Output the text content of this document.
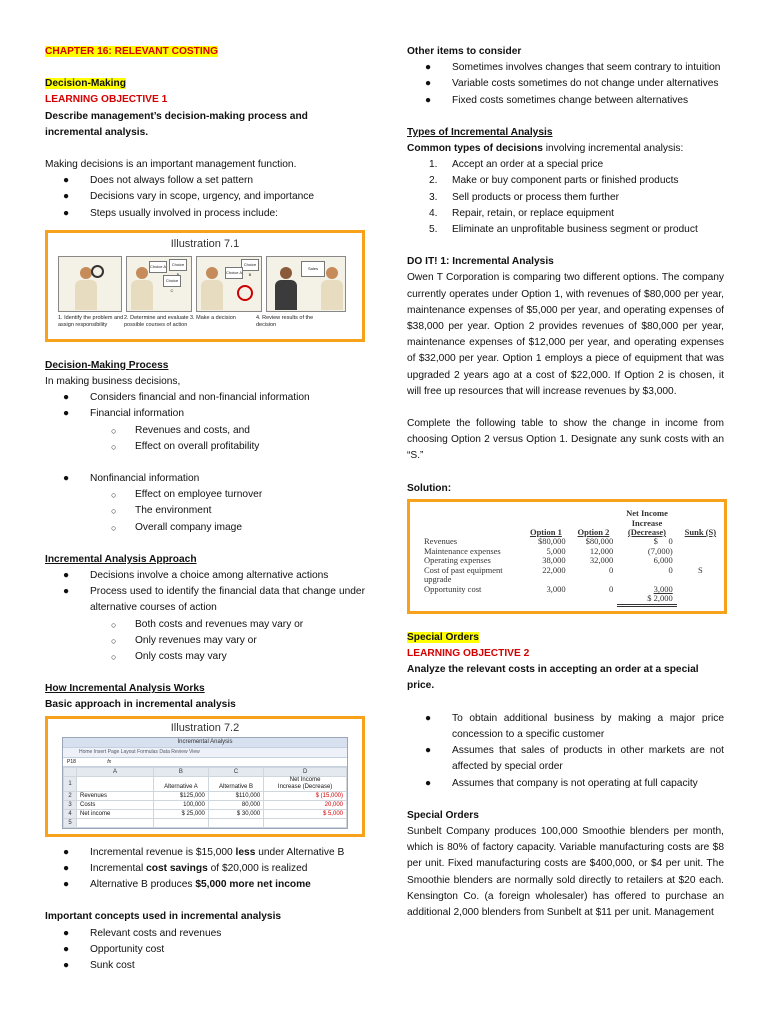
CHAPTER 16: RELEVANT COSTING

Decision-Making

LEARNING OBJECTIVE 1

Describe management’s decision-making process and incremental analysis.

Making decisions is an important management function.

● Does not always follow a set pattern
● Decisions vary in scope, urgency, and importance
● Steps usually involved in process include:
Illustration 7.1
Choice A	Choice
Choice C
Choice B
Choice A
Sales
1. Identify the problem and assign responsibility
2. Determine and evaluate possible courses of action
3. Make a decision	4. Review results of the decision

Decision-Making Process

In making business decisions,

● Considers financial and non-financial information
● Financial information
○ Revenues and costs, and
○ Effect on overall profitability
● Nonfinancial information
○ Effect on employee turnover
○ The environment
○ Overall company image

Incremental Analysis Approach

● Decisions involve a choice among alternative actions
● Process used to identify the financial data that change under alternative courses of action
○ Both costs and revenues may vary or
○ Only revenues may vary or
○ Only costs may vary

How Incremental Analysis Works

Basic approach in incremental analysis

Illustration 7.2
Incremental Analysis
Home Insert Page Layout Formulas Data Review View
P18	fx
	A	B	C	D
1		Alternative A	Alternative B	Net Income
Increase (Decrease)
2	Revenues	$125,000	$110,000	$ (15,000)
3	Costs	100,000	80,000	20,000
4	Net income	$ 25,000	$ 30,000	$ 5,000
5				
● Incremental revenue is $15,000 less under Alternative B
● Incremental cost savings of $20,000 is realized
● Alternative B produces $5,000 more net income

Important concepts used in incremental analysis

● Relevant costs and revenues
● Opportunity cost
● Sunk cost

Other items to consider

● Sometimes involves changes that seem contrary to intuition
● Variable costs sometimes do not change under alternatives
● Fixed costs sometimes change between alternatives

Types of Incremental Analysis

Common types of decisions involving incremental analysis:

1. Accept an order at a special price
2. Make or buy component parts or finished products
3. Sell products or process them further
4. Repair, retain, or replace equipment
5. Eliminate an unprofitable business segment or product

DO IT! 1: Incremental Analysis

Owen T Corporation is comparing two different options. The company currently operates under Option 1, with revenues of $80,000 per year, maintenance expenses of $5,000 per year, and operating expenses of $38,000 per year. Option 2 provides revenues of $80,000 per year, maintenance expenses of $12,000 per year, and operating expenses of $32,000 per year. Option 1 employs a piece of equipment that was upgraded 2 years ago at a cost of $22,000. If Option 2 is chosen, it will free up resources that will increase revenues by $3,000.

Complete the following table to show the change in income from choosing Option 2 versus Option 1. Designate any sunk costs with an “S.”

Solution:

			Net Income
Increase	
	Option 1	Option 2	(Decrease)	Sunk (S)
Revenues	$80,000	$80,000	$     0	
Maintenance expenses	5,000	12,000	(7,000)	
Operating expenses	38,000	32,000	6,000	
Cost of past equipment	22,000	0	0	S
upgrade				
Opportunity cost	3,000	0	3,000	
			$ 2,000	

Special Orders

LEARNING OBJECTIVE 2

Analyze the relevant costs in accepting an order at a special price.

● To obtain additional business by making a major price concession to a specific customer
● Assumes that sales of products in other markets are not affected by special order
● Assumes that company is not operating at full capacity

Special Orders

Sunbelt Company produces 100,000 Smoothie blenders per month, which is 80% of factory capacity. Variable manufacturing costs are $8 per unit. Fixed manufacturing costs are $400,000, or $4 per unit. The Smoothie blenders are normally sold directly to retailers at $20 each. Kensington Co. (a foreign wholesaler) has offered to purchase an additional 2,000 blenders from Sunbelt at $11 per unit. Management
